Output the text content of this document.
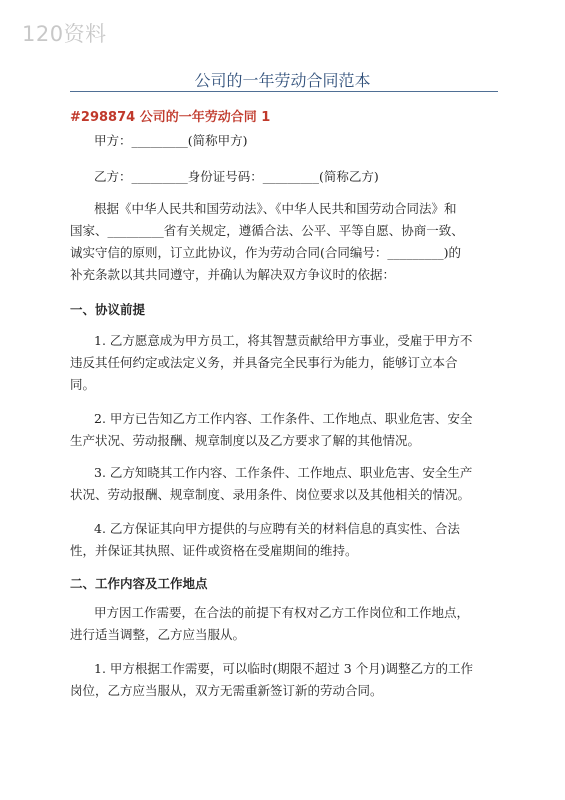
120资料
公司的一年劳动合同范本
#298874 公司的一年劳动合同 1
甲方：_________(简称甲方)
乙方：_________身份证号码：_________(简称乙方)
根据《中华人民共和国劳动法》、《中华人民共和国劳动合同法》和
国家、_________省有关规定，遵循合法、公平、平等自愿、协商一致、
诚实守信的原则，订立此协议，作为劳动合同(合同编号：_________)的
补充条款以其共同遵守，并确认为解决双方争议时的依据：
一、协议前提
1. 乙方愿意成为甲方员工，将其智慧贡献给甲方事业，受雇于甲方不
违反其任何约定或法定义务，并具备完全民事行为能力，能够订立本合
同。
2. 甲方已告知乙方工作内容、工作条件、工作地点、职业危害、安全
生产状况、劳动报酬、规章制度以及乙方要求了解的其他情况。
3. 乙方知晓其工作内容、工作条件、工作地点、职业危害、安全生产
状况、劳动报酬、规章制度、录用条件、岗位要求以及其他相关的情况。
4. 乙方保证其向甲方提供的与应聘有关的材料信息的真实性、合法
性，并保证其执照、证件或资格在受雇期间的维持。
二、工作内容及工作地点
甲方因工作需要，在合法的前提下有权对乙方工作岗位和工作地点，
进行适当调整，乙方应当服从。
1. 甲方根据工作需要，可以临时(期限不超过 3 个月)调整乙方的工作
岗位，乙方应当服从，双方无需重新签订新的劳动合同。
